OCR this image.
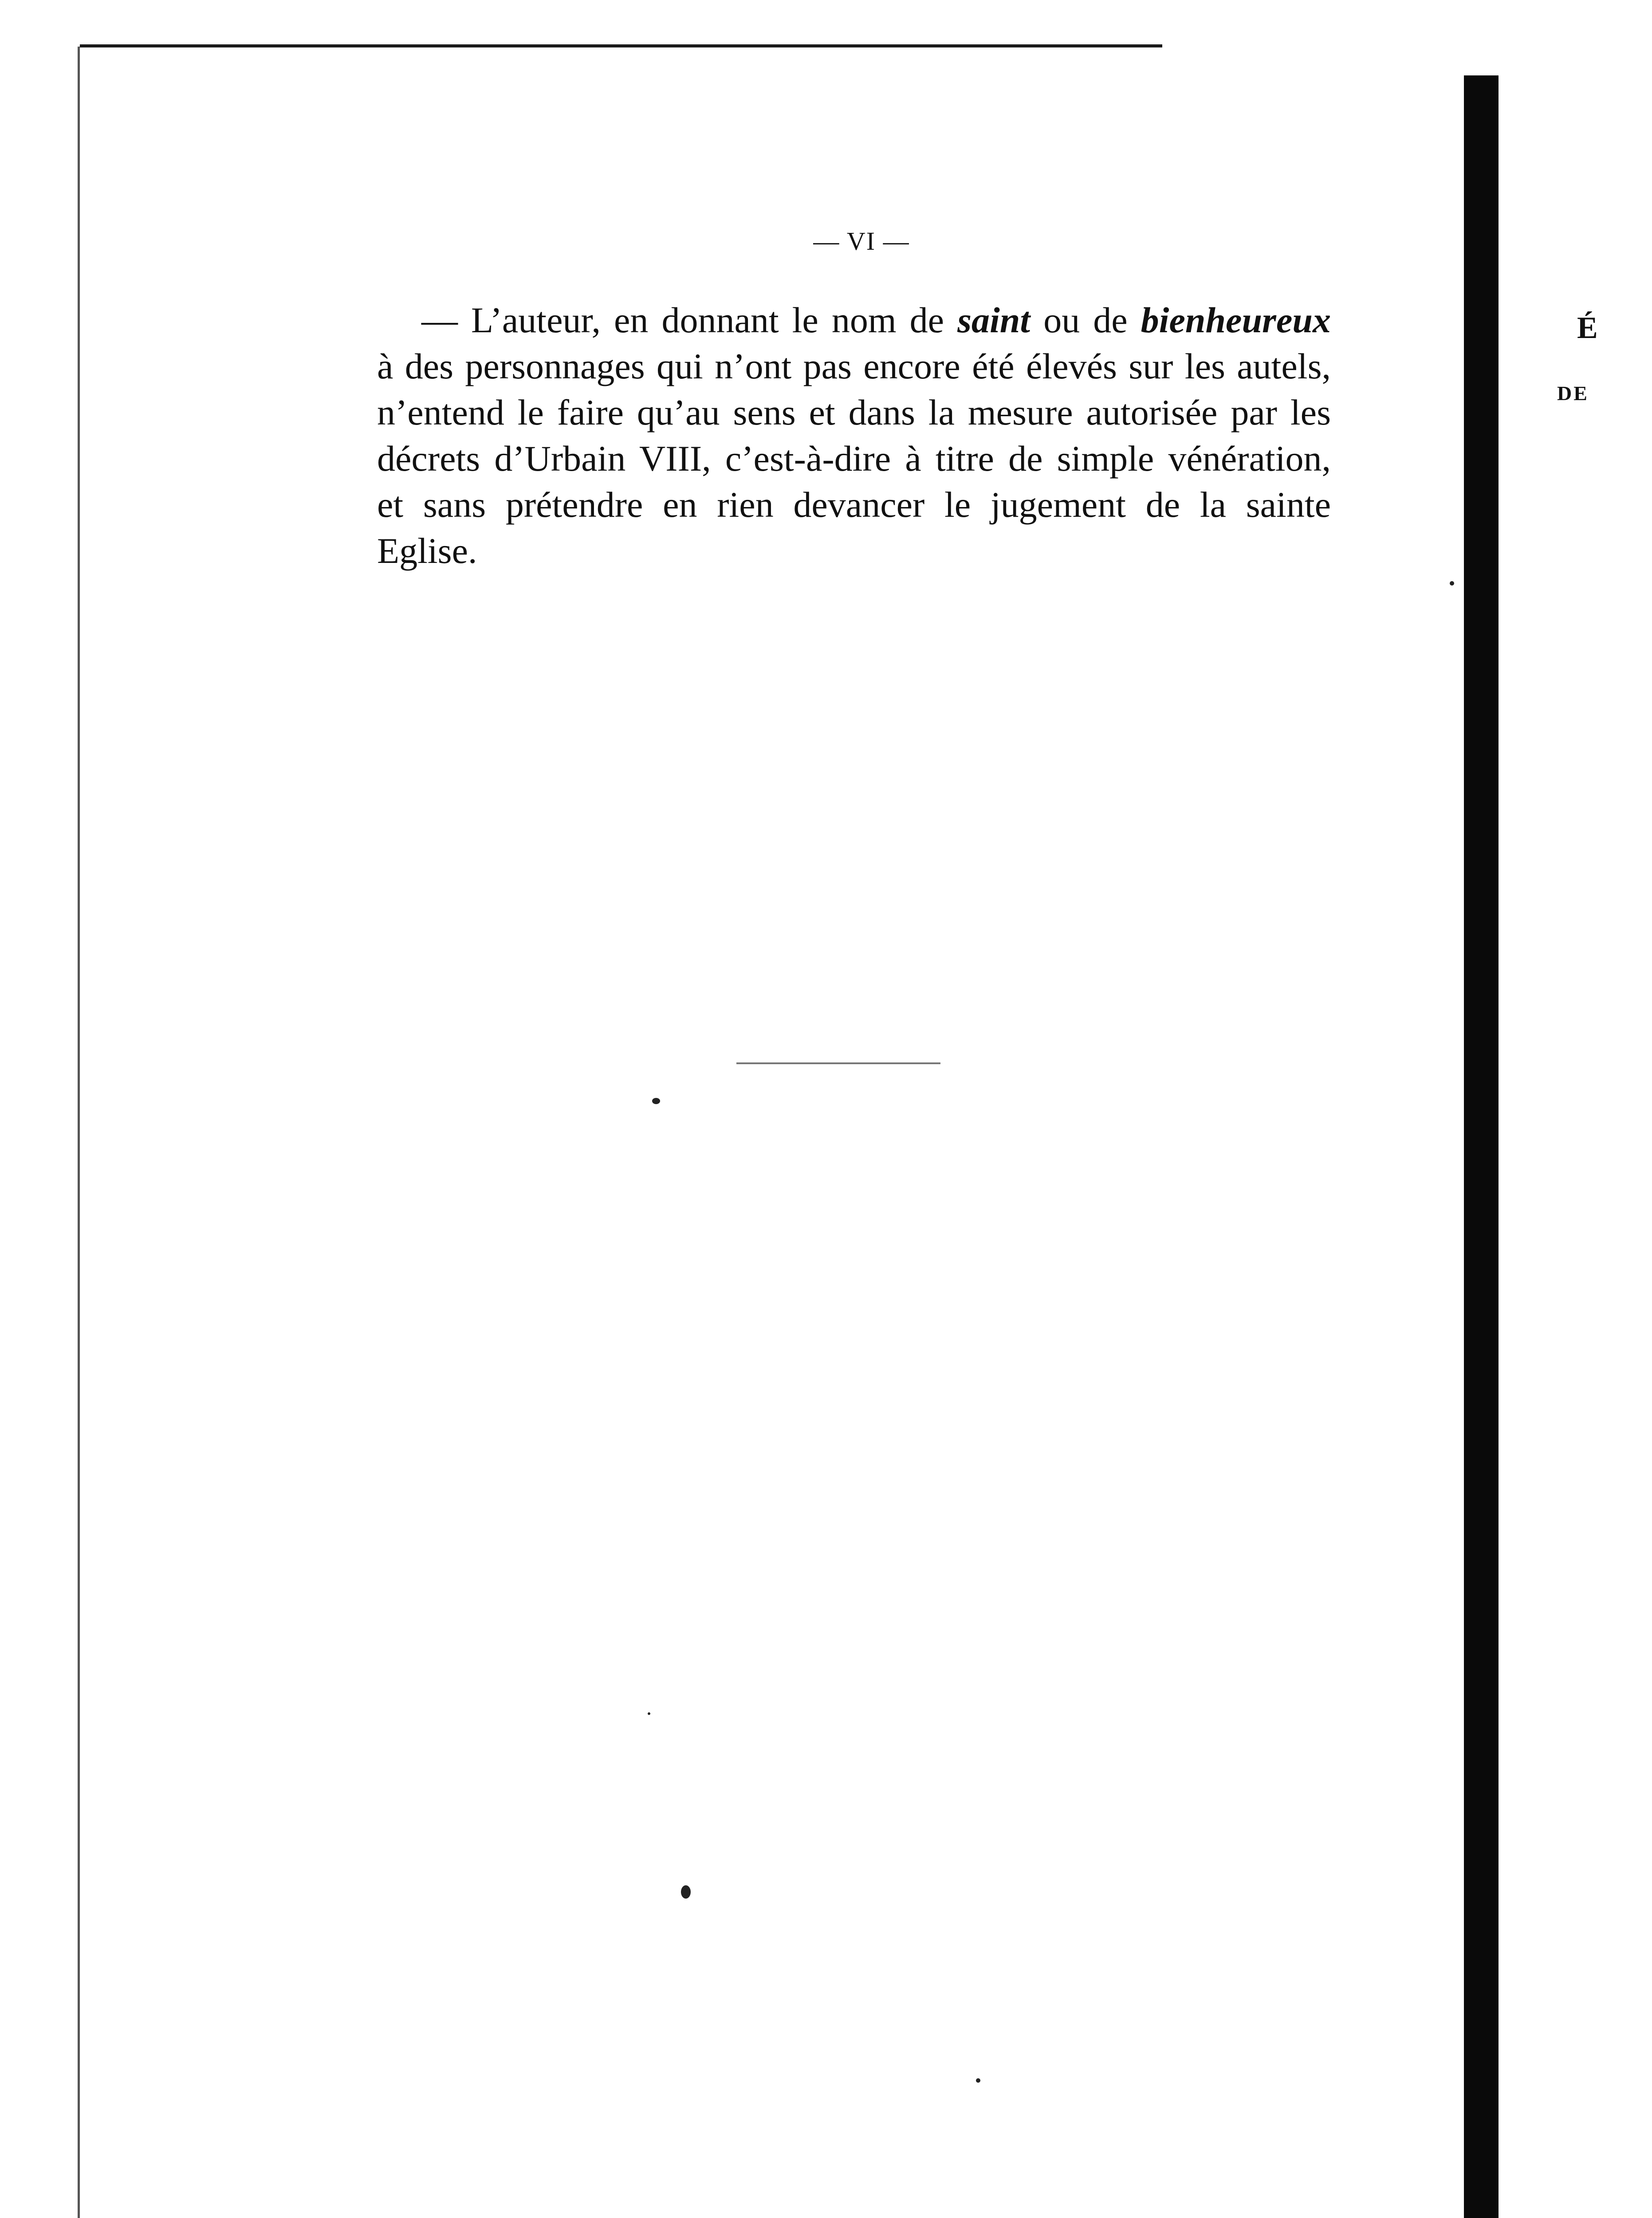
— VI —

— L’auteur, en donnant le nom de saint ou de bienheureux
à des personnages qui n’ont pas encore été élevés sur les autels,
n’entend le faire qu’au sens et dans la mesure autorisée par les
décrets d’Urbain VIII, c’est-à-dire à titre de simple vénération,
et sans prétendre en rien devancer le jugement de la sainte
Eglise.

É
DE
